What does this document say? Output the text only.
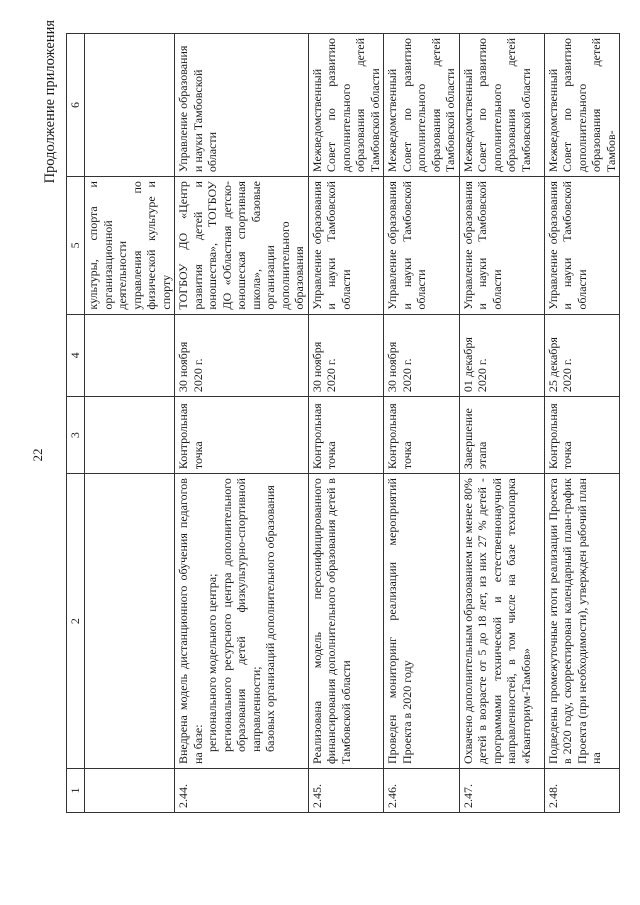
22
Продолжение приложения
1	2	3	4	5	6
				культуры, спорта и организационной деятельности управления по физической культуре и спорту	
2.44.	Внедрена модель дистанционного обучения педагогов на базе: регионального модельного центра; регионального ресурсного центра дополнительного образования детей физкультурно-спортивной направленности; базовых организаций дополнительного образования	Контрольная точка	30 ноября 2020 г.	ТОГБОУ ДО «Центр развития детей и юношества», ТОГБОУ ДО «Областная детско-юношеская спортивная школа», базовые организации дополнительного образования	Управление образования и науки Тамбовской области
2.45.	Реализована модель персонифицированного финансирования дополнительного образования детей в Тамбовской области	Контрольная точка	30 ноября 2020 г.	Управление образования и науки Тамбовской области	Межведомственный Совет по развитию дополнительного образования детей Тамбовской области
2.46.	Проведен мониторинг реализации мероприятий Проекта в 2020 году	Контрольная точка	30 ноября 2020 г.	Управление образования и науки Тамбовской области	Межведомственный Совет по развитию дополнительного образования детей Тамбовской области
2.47.	Охвачено дополнительным образованием не менее 80% детей в возрасте от 5 до 18 лет, из них 27 % детей - программами технической и естественнонаучной направленностей, в том числе на базе технопарка «Кванториум-Тамбов»	Завершение этапа	01 декабря 2020 г.	Управление образования и науки Тамбовской области	Межведомственный Совет по развитию дополнительного образования детей Тамбовской области
2.48.	Подведены промежуточные итоги реализации Проекта в 2020 году, скорректирован календарный план-график Проекта (при необходимости), утвержден рабочий план на	Контрольная точка	25 декабря 2020 г.	Управление образования и науки Тамбовской области	Межведомственный Совет по развитию дополнительного образования детей Тамбов-
